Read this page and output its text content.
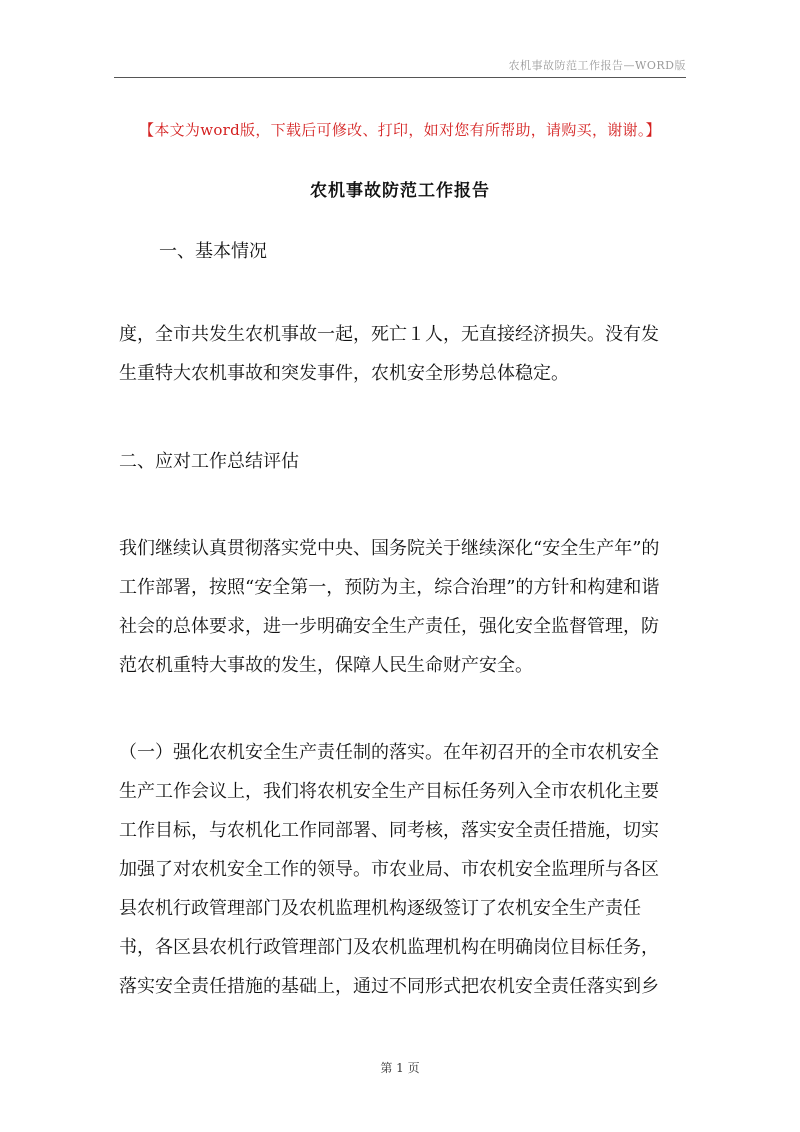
农机事故防范工作报告—WORD版
【本文为word版，下载后可修改、打印，如对您有所帮助，请购买，谢谢。】
农机事故防范工作报告
一、基本情况
度，全市共发生农机事故一起，死亡１人，无直接经济损失。没有发
生重特大农机事故和突发事件，农机安全形势总体稳定。
二、应对工作总结评估
我们继续认真贯彻落实党中央、国务院关于继续深化“安全生产年”的
工作部署，按照“安全第一，预防为主，综合治理”的方针和构建和谐
社会的总体要求，进一步明确安全生产责任，强化安全监督管理，防
范农机重特大事故的发生，保障人民生命财产安全。
（一）强化农机安全生产责任制的落实。在年初召开的全市农机安全
生产工作会议上，我们将农机安全生产目标任务列入全市农机化主要
工作目标，与农机化工作同部署、同考核，落实安全责任措施，切实
加强了对农机安全工作的领导。市农业局、市农机安全监理所与各区
县农机行政管理部门及农机监理机构逐级签订了农机安全生产责任
书，各区县农机行政管理部门及农机监理机构在明确岗位目标任务，
落实安全责任措施的基础上，通过不同形式把农机安全责任落实到乡
第 1 页
